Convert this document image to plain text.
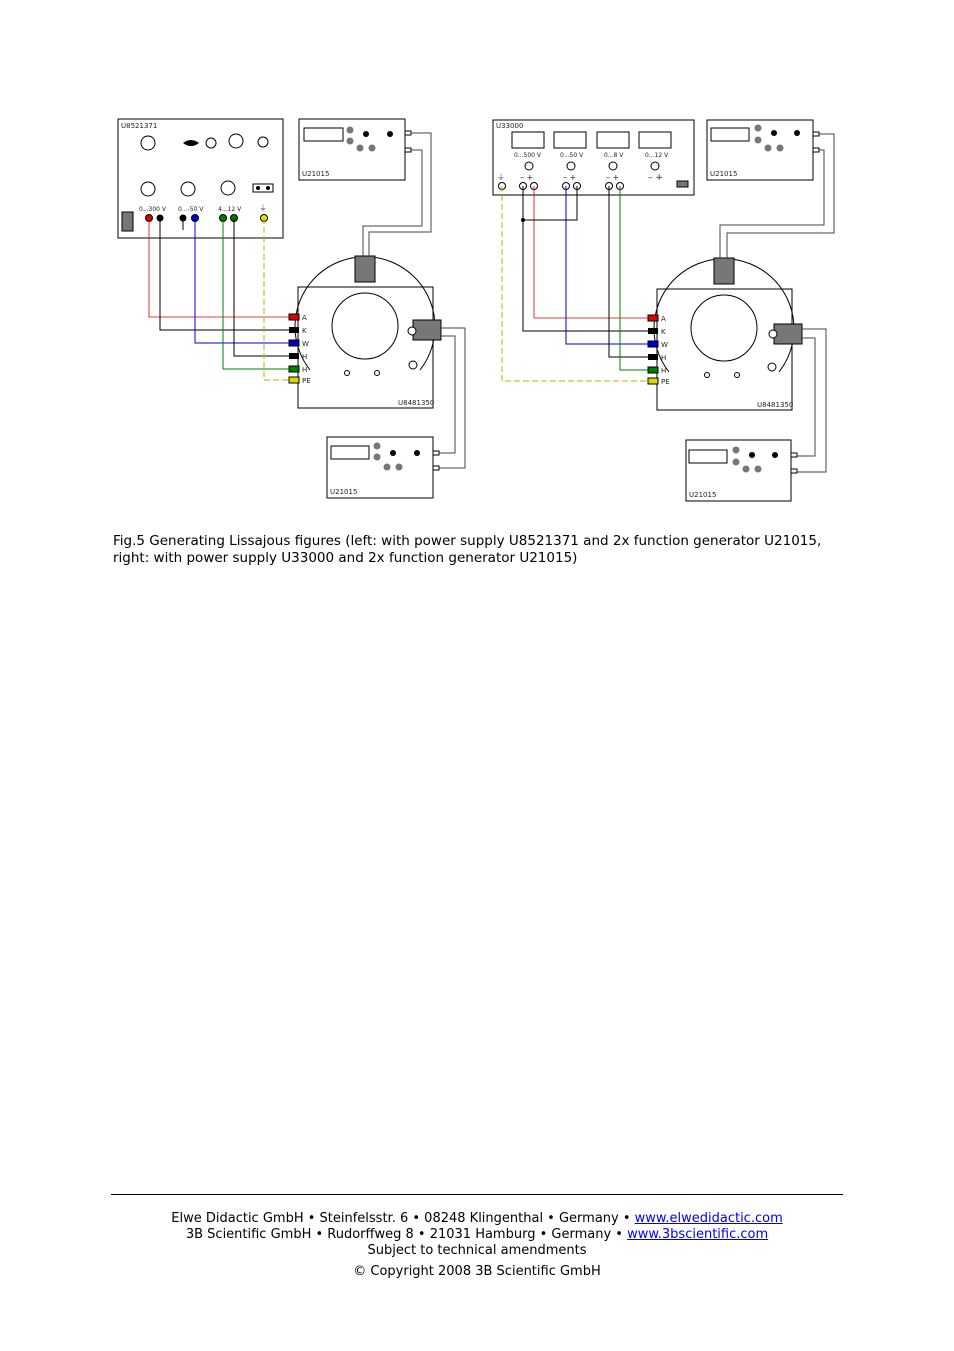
U8521371
0...300 V 0...-50 V 4...12 V ⏚
U21015
U8481350
A
K
W
H
H
PE
U21015
U33000
0...500 V	0...50 V	0...8 V	0...12 V
⏚ – +	– +	– +	– +	U21015
U8481350
A
K
W
H
H
PE
U21015
Fig.5 Generating Lissajous figures (left: with power supply U8521371 and 2x function generator U21015, right: with power supply U33000 and 2x function generator U21015)
Elwe Didactic GmbH • Steinfelsstr. 6 • 08248 Klingenthal • Germany • www.elwedidactic.com
3B Scientific GmbH • Rudorffweg 8 • 21031 Hamburg • Germany • www.3bscientific.com
Subject to technical amendments
© Copyright 2008 3B Scientific GmbH
